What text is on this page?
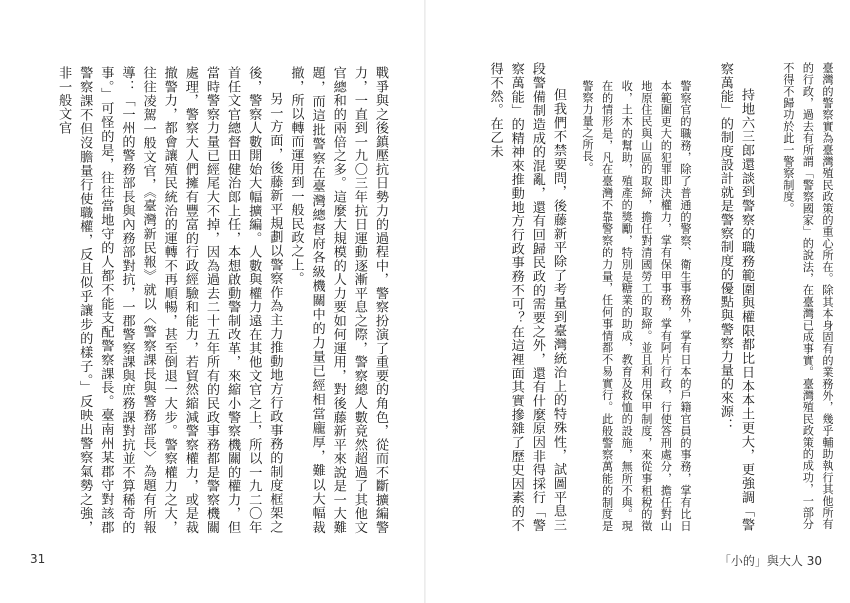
戰爭與之後鎮壓抗日勢力的過程中，警察扮演了重要的角色，從而不斷擴編警力，一直到一九〇三年抗日運動逐漸平息之際，警察總人數竟然超過了其他文官總和的兩倍之多。這麼大規模的人力要如何運用，對後藤新平來說是一大難題，而這批警察在臺灣總督府各級機關中的力量已經相當龐厚，難以大幅裁撤，所以轉而運用到一般民政之上。

另一方面，後藤新平規劃以警察作為主力推動地方行政事務的制度框架之後，警察人數開始大幅擴編。人數與權力遠在其他文官之上，所以一九二〇年首任文官總督田健治郎上任，本想啟動警制改革，來縮小警察機關的權力，但當時警察力量已經尾大不掉，因為過去二十五年所有的民政事務都是警察機關處理，警察大人們擁有豐富的行政經驗和能力，若貿然縮減警察權力，或是裁撤警力，都會讓殖民統治的運轉不再順暢，甚至倒退一大步。警察權力之大，往往凌駕一般文官，《臺灣新民報》就以〈警察課長與警務部長〉為題有所報導：「一州的警務部長與內務部對抗，一郡警察課與庶務課對抗並不算稀奇的事。」可怪的是，往往當地守的人都不能支配警察課長。臺南州某郡守對該郡警察課不但沒膽量行使職權，反且似乎讓步的樣子。」反映出警察氣勢之強，非一般文官

31

臺灣的警察實為臺灣殖民政策的重心所在。除其本身固有的業務外，幾乎輔助執行其他所有的行政，過去有所謂「警察國家」的說法，在臺灣已成事實。臺灣殖民政策的成功，一部分不得不歸功於此一警察制度。

持地六三郎還談到警察的職務範圍與權限都比日本本土更大，更強調「警察萬能」的制度設計就是警察制度的優點與警察力量的來源：

警察官的職務，除了普通的警察、衛生事務外，掌有日本的戶籍官員的事務，掌有比日本範圍更大的犯罪即決權力，掌有保甲事務，掌有阿片行政，行使答刑處分，擔任對山地原住民與山區的取締，擔任對清國勞工的取締。並且利用保甲制度，來從事租稅的徵收，土木的幫助，殖產的獎勵，特別是糖業的助成，教育及救恤的設施，無所不與。現在的情形是，凡在臺灣不靠警察的力量，任何事情都不易實行。此般警察萬能的制度是警察力量之所長。

但我們不禁要問，後藤新平除了考量到臺灣統治上的特殊性，試圖平息三段警備制造成的混亂，還有回歸民政的需要之外，還有什麼原因非得採行「警察萬能」的精神來推動地方行政事務不可？在這裡面其實摻雜了歷史因素的不得不然。在乙未

「小的」與大人 30
